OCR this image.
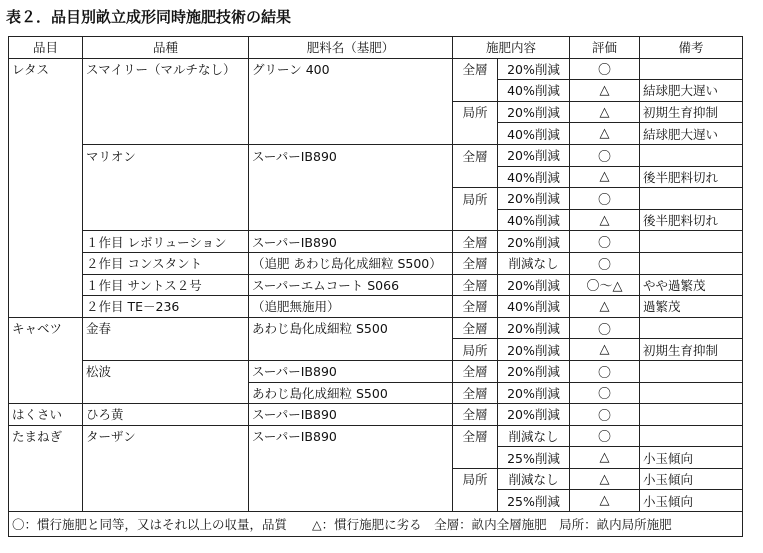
表２．品目別畝立成形同時施肥技術の結果
品目	品種	肥料名（基肥）	施肥内容		評価	備考
レタス	スマイリー（マルチなし）	グリーン 400	全層	20%削減	〇	
				40%削減	△	結球肥大遅い
			局所	20%削減	△	初期生育抑制
				40%削減	△	結球肥大遅い
	マリオン	スーパーIB890	全層	20%削減	〇	
				40%削減	△	後半肥料切れ
			局所	20%削減	〇	
				40%削減	△	後半肥料切れ
	１作目 レボリューション	スーパーIB890	全層	20%削減	〇	
	２作目 コンスタント	（追肥 あわじ島化成細粒 S500）	全層	削減なし	〇	
	１作目 サントス２号	スーパーエムコート S066	全層	20%削減	〇～△	やや過繁茂
	２作目 TE－236	（追肥無施用）	全層	40%削減	△	過繁茂
キャベツ	金春	あわじ島化成細粒 S500	全層	20%削減	〇	
			局所	20%削減	△	初期生育抑制
	松波	スーパーIB890	全層	20%削減	〇	
		あわじ島化成細粒 S500	全層	20%削減	〇	
はくさい	ひろ黄	スーパーIB890	全層	20%削減	〇	
たまねぎ	ターザン	スーパーIB890	全層	削減なし	〇	
				25%削減	△	小玉傾向
			局所	削減なし	△	小玉傾向
				25%削減	△	小玉傾向
〇：慣行施肥と同等，又はそれ以上の収量，品質　　△：慣行施肥に劣る　全層：畝内全層施肥　局所：畝内局所施肥						
